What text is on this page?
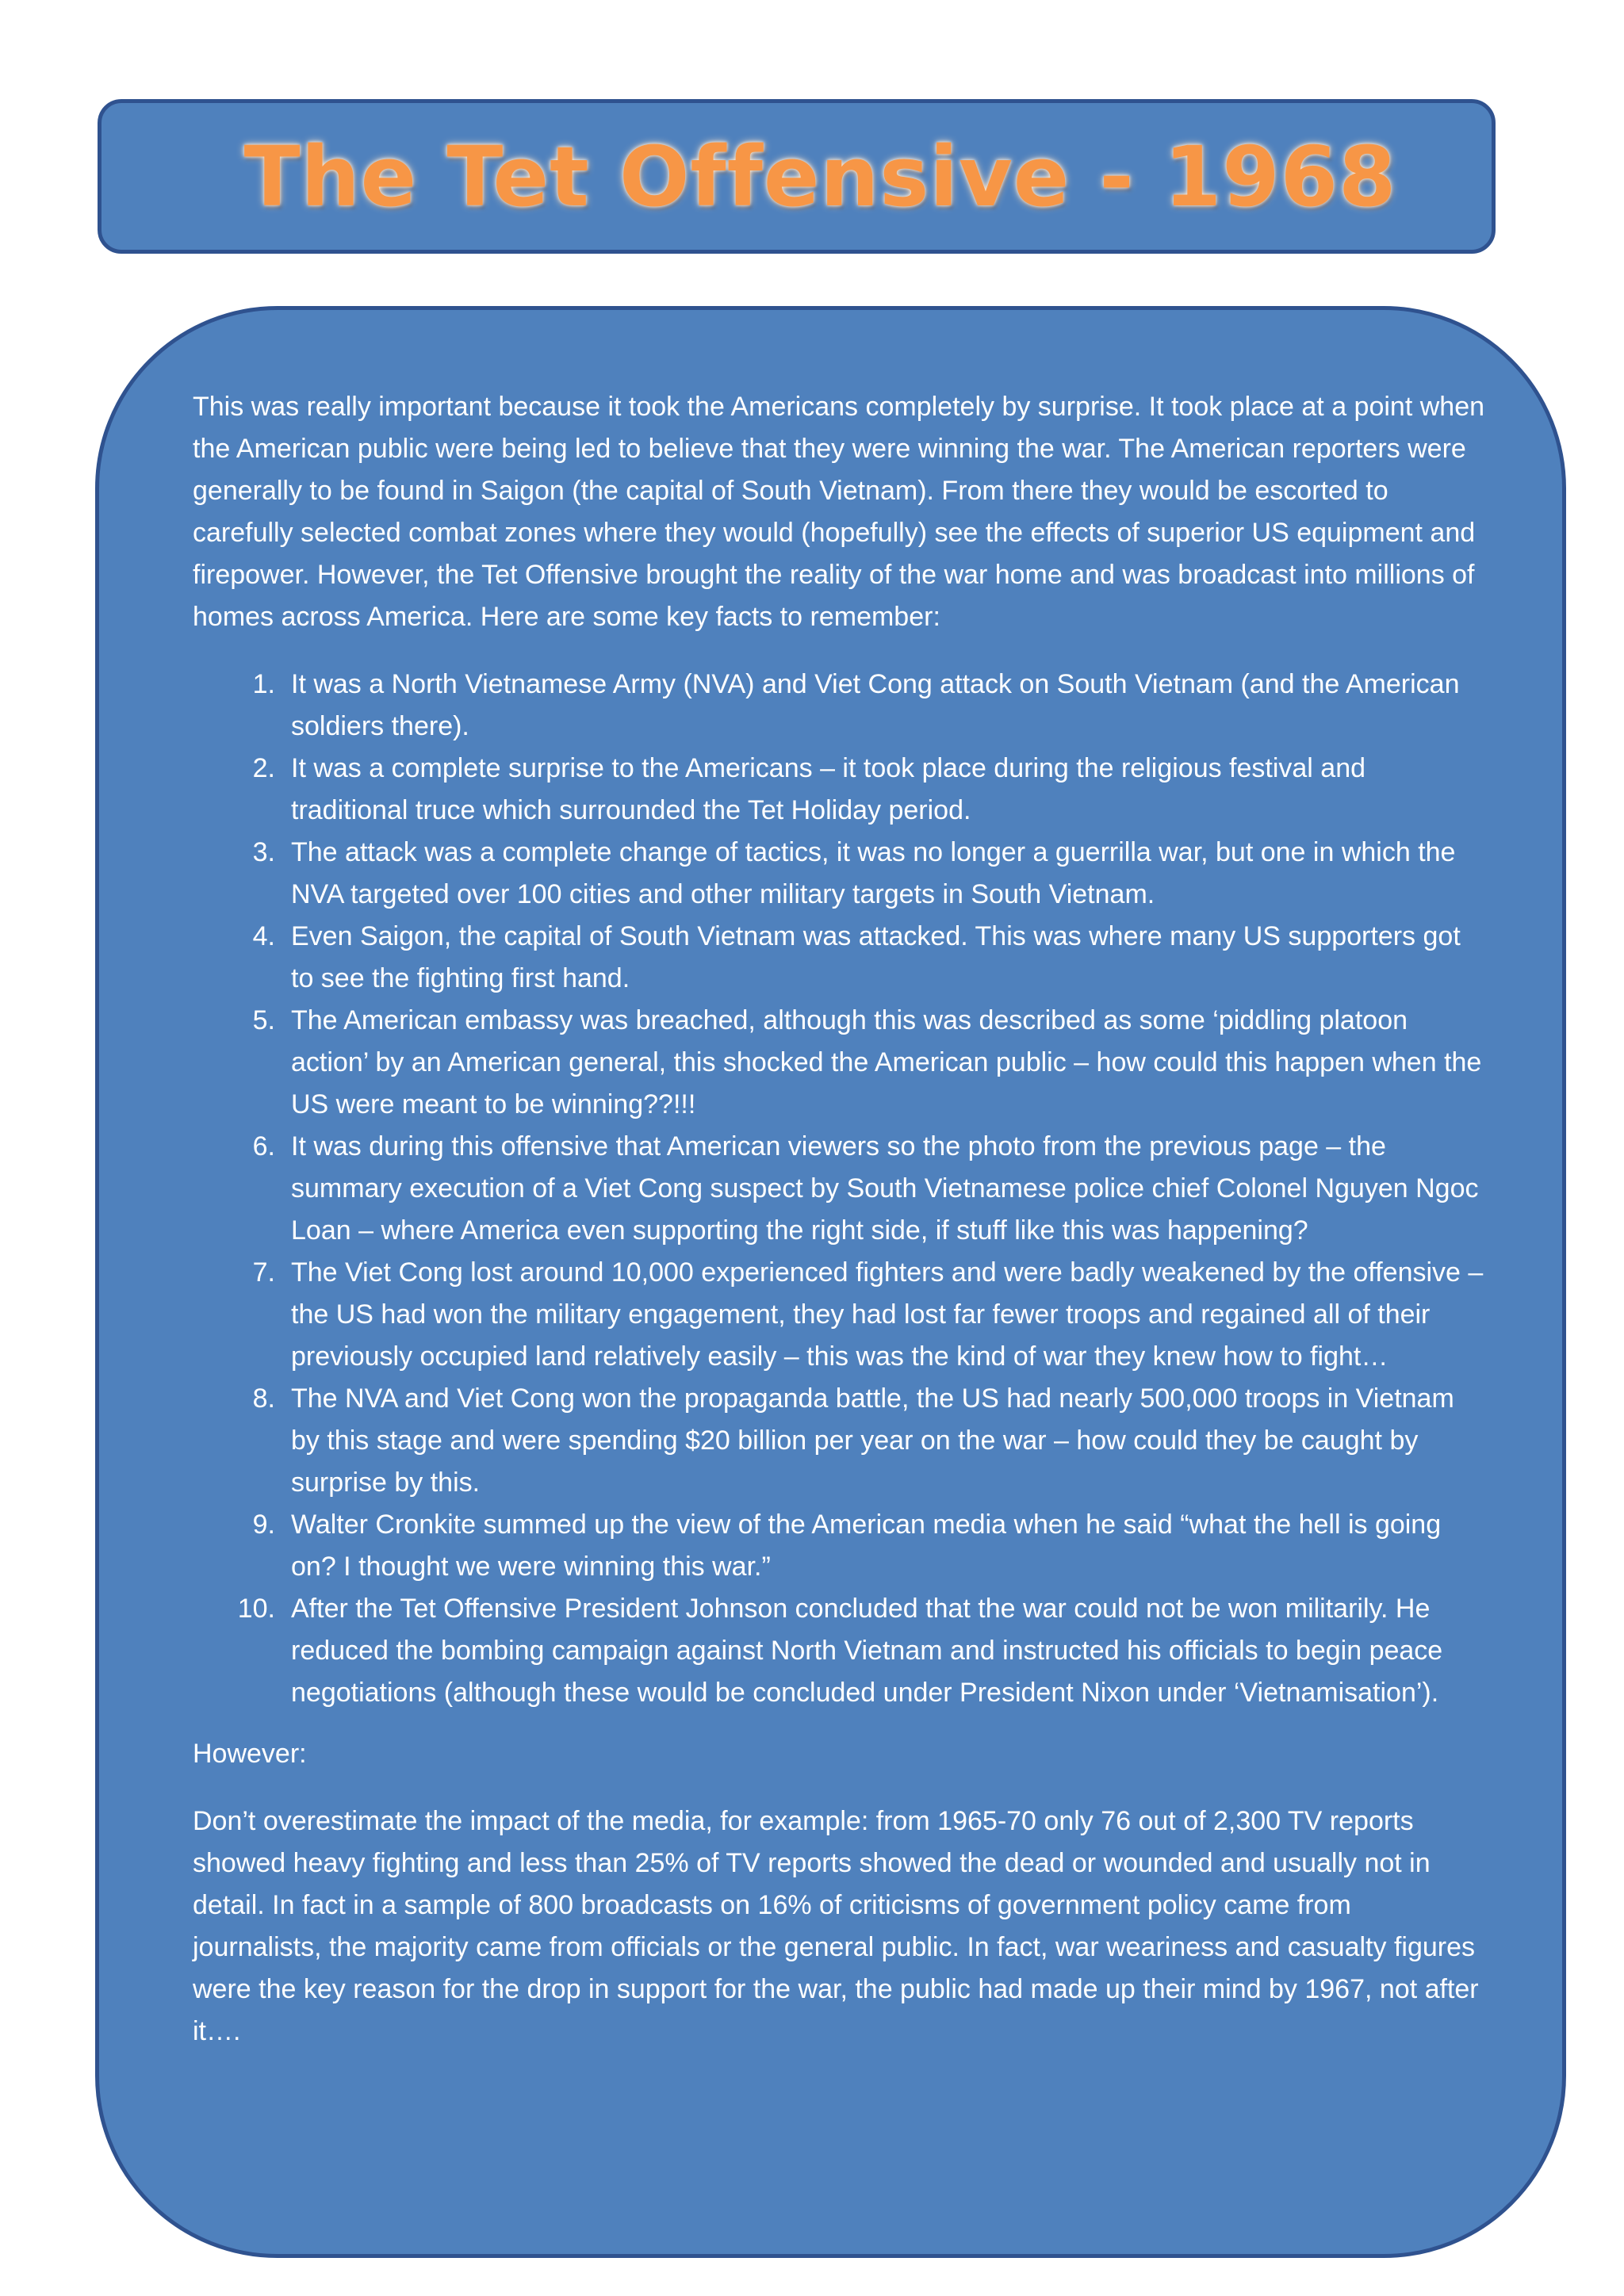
The Tet Offensive - 1968

This was really important because it took the Americans completely by surprise. It took place at a point when the American public were being led to believe that they were winning the war. The American reporters were generally to be found in Saigon (the capital of South Vietnam). From there they would be escorted to carefully selected combat zones where they would (hopefully) see the effects of superior US equipment and firepower. However, the Tet Offensive brought the reality of the war home and was broadcast into millions of homes across America. Here are some key facts to remember:

1. It was a North Vietnamese Army (NVA) and Viet Cong attack on South Vietnam (and the American soldiers there).
2. It was a complete surprise to the Americans – it took place during the religious festival and traditional truce which surrounded the Tet Holiday period.
3. The attack was a complete change of tactics, it was no longer a guerrilla war, but one in which the NVA targeted over 100 cities and other military targets in South Vietnam.
4. Even Saigon, the capital of South Vietnam was attacked. This was where many US supporters got to see the fighting first hand.
5. The American embassy was breached, although this was described as some ‘piddling platoon action’ by an American general, this shocked the American public – how could this happen when the US were meant to be winning??!!!
6. It was during this offensive that American viewers so the photo from the previous page – the summary execution of a Viet Cong suspect by South Vietnamese police chief Colonel Nguyen Ngoc Loan – where America even supporting the right side, if stuff like this was happening?
7. The Viet Cong lost around 10,000 experienced fighters and were badly weakened by the offensive – the US had won the military engagement, they had lost far fewer troops and regained all of their previously occupied land relatively easily – this was the kind of war they knew how to fight…
8. The NVA and Viet Cong won the propaganda battle, the US had nearly 500,000 troops in Vietnam by this stage and were spending $20 billion per year on the war – how could they be caught by surprise by this.
9. Walter Cronkite summed up the view of the American media when he said “what the hell is going on? I thought we were winning this war.”
10. After the Tet Offensive President Johnson concluded that the war could not be won militarily. He reduced the bombing campaign against North Vietnam and instructed his officials to begin peace negotiations (although these would be concluded under President Nixon under ‘Vietnamisation’).

However:

Don’t overestimate the impact of the media, for example: from 1965-70 only 76 out of 2,300 TV reports showed heavy fighting and less than 25% of TV reports showed the dead or wounded and usually not in detail. In fact in a sample of 800 broadcasts on 16% of criticisms of government policy came from journalists, the majority came from officials or the general public. In fact, war weariness and casualty figures were the key reason for the drop in support for the war, the public had made up their mind by 1967, not after it….
